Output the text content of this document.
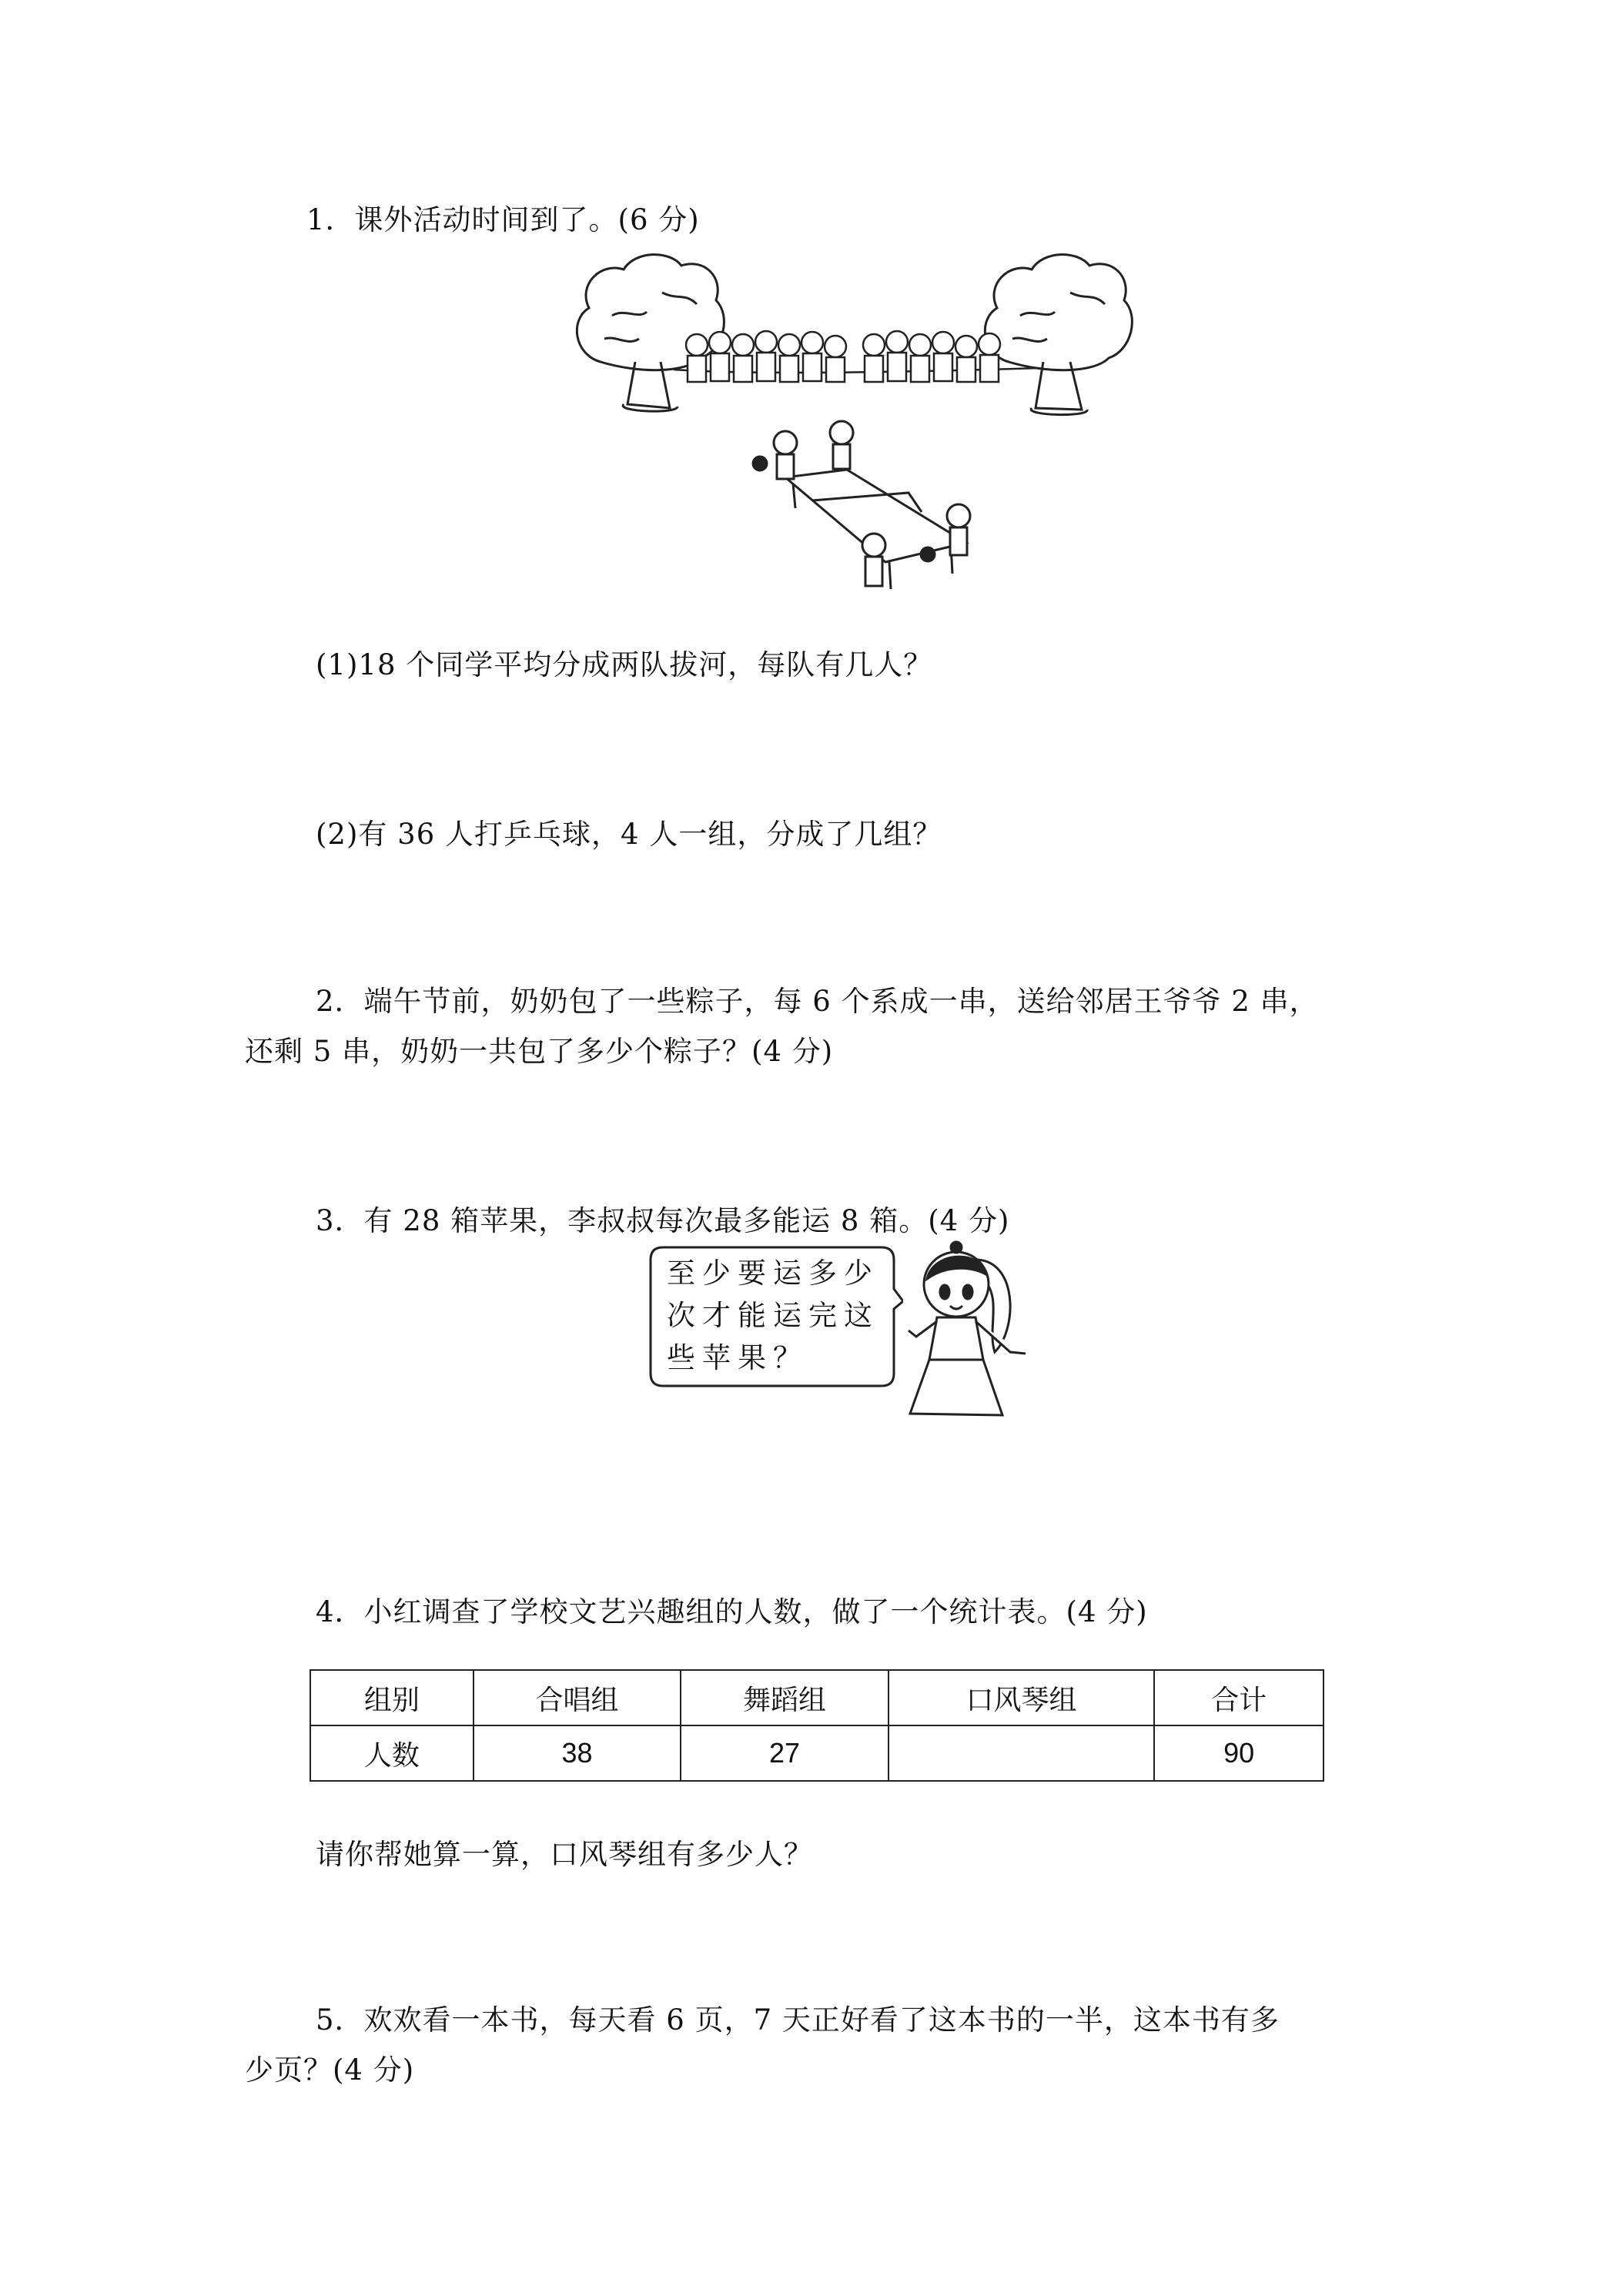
1．课外活动时间到了。(6 分)
(1)18 个同学平均分成两队拔河，每队有几人？
(2)有 36 人打乒乓球，4 人一组，分成了几组？
2．端午节前，奶奶包了一些粽子，每 6 个系成一串，送给邻居王爷爷 2 串，
还剩 5 串，奶奶一共包了多少个粽子？(4 分)
3．有 28 箱苹果，李叔叔每次最多能运 8 箱。(4 分)
至少要运多少
次才能运完这
些苹果？
4．小红调查了学校文艺兴趣组的人数，做了一个统计表。(4 分)
组别	合唱组	舞蹈组	口风琴组	合计
人数	38	27		90
请你帮她算一算，口风琴组有多少人？
5．欢欢看一本书，每天看 6 页，7 天正好看了这本书的一半，这本书有多
少页？(4 分)
